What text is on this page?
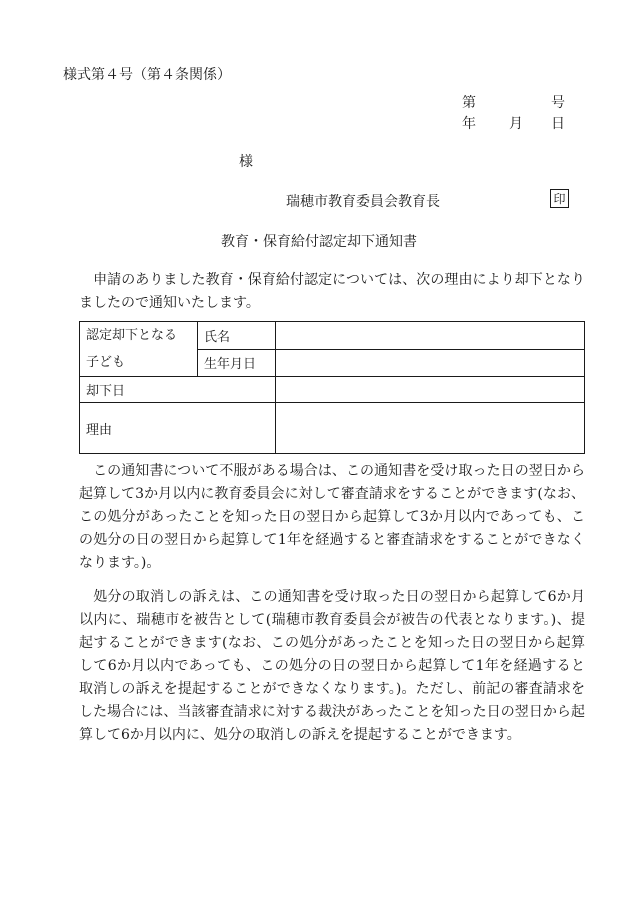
様式第４号（第４条関係）
第	号
年 月 日
様
瑞穂市教育委員会教育長	印
教育・保育給付認定却下通知書

申請のありました教育・保育給付認定については、次の理由により却下となりましたので通知いたします。

認定却下となる
子ども	氏名	
	生年月日	
却下日		
理由		

この通知書について不服がある場合は、この通知書を受け取った日の翌日から起算して3か月以内に教育委員会に対して審査請求をすることができます(なお、この処分があったことを知った日の翌日から起算して3か月以内であっても、この処分の日の翌日から起算して1年を経過すると審査請求をすることができなくなります。)。

処分の取消しの訴えは、この通知書を受け取った日の翌日から起算して6か月以内に、瑞穂市を被告として(瑞穂市教育委員会が被告の代表となります。)、提起することができます(なお、この処分があったことを知った日の翌日から起算して6か月以内であっても、この処分の日の翌日から起算して1年を経過すると取消しの訴えを提起することができなくなります。)。ただし、前記の審査請求をした場合には、当該審査請求に対する裁決があったことを知った日の翌日から起算して6か月以内に、処分の取消しの訴えを提起することができます。
